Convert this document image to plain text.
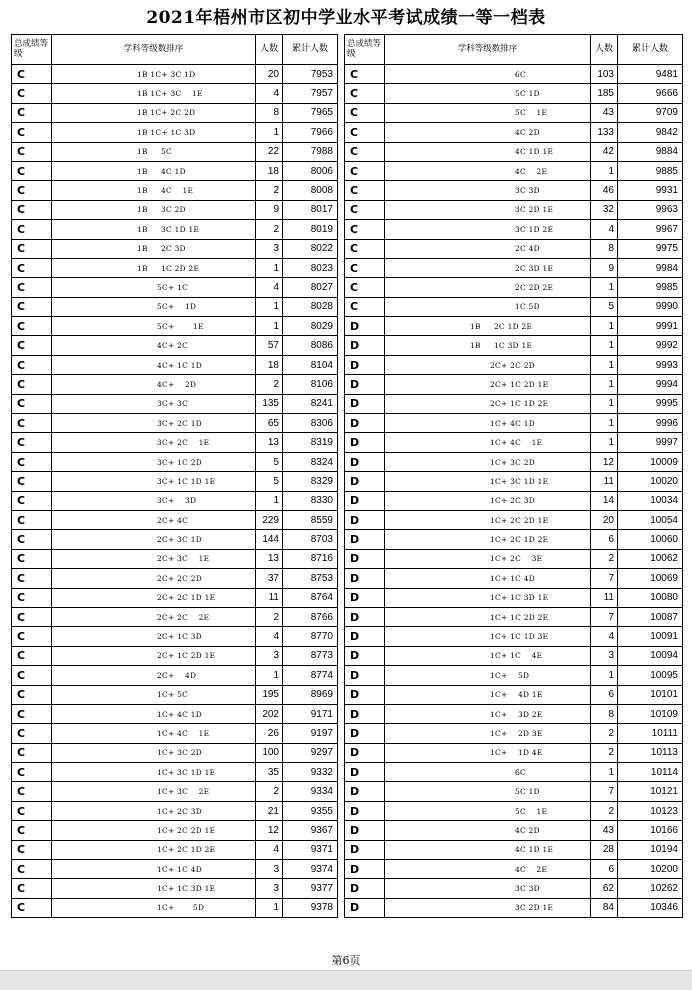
2021年梧州市区初中学业水平考试成绩一等一档表
总成绩等级	学科等级数排序	人数	累计人数
C	1B 1C+ 3C 1D	20	7953
C	1B 1C+ 3C    1E	4	7957
C	1B 1C+ 2C 2D	8	7965
C	1B 1C+ 1C 3D	1	7966
C	1B     5C	22	7988
C	1B     4C 1D	18	8006
C	1B     4C    1E	2	8008
C	1B     3C 2D	9	8017
C	1B     3C 1D 1E	2	8019
C	1B     2C 3D	3	8022
C	1B     1C 2D 2E	1	8023
C	5C+ 1C	4	8027
C	5C+    1D	1	8028
C	5C+       1E	1	8029
C	4C+ 2C	57	8086
C	4C+ 1C 1D	18	8104
C	4C+    2D	2	8106
C	3C+ 3C	135	8241
C	3C+ 2C 1D	65	8306
C	3C+ 2C    1E	13	8319
C	3C+ 1C 2D	5	8324
C	3C+ 1C 1D 1E	5	8329
C	3C+    3D	1	8330
C	2C+ 4C	229	8559
C	2C+ 3C 1D	144	8703
C	2C+ 3C    1E	13	8716
C	2C+ 2C 2D	37	8753
C	2C+ 2C 1D 1E	11	8764
C	2C+ 2C    2E	2	8766
C	2C+ 1C 3D	4	8770
C	2C+ 1C 2D 1E	3	8773
C	2C+    4D	1	8774
C	1C+ 5C	195	8969
C	1C+ 4C 1D	202	9171
C	1C+ 4C    1E	26	9197
C	1C+ 3C 2D	100	9297
C	1C+ 3C 1D 1E	35	9332
C	1C+ 3C    2E	2	9334
C	1C+ 2C 3D	21	9355
C	1C+ 2C 2D 1E	12	9367
C	1C+ 2C 1D 2E	4	9371
C	1C+ 1C 4D	3	9374
C	1C+ 1C 3D 1E	3	9377
C	1C+       5D	1	9378
总成绩等级	学科等级数排序	人数	累计人数
C	6C	103	9481
C	5C 1D	185	9666
C	5C    1E	43	9709
C	4C 2D	133	9842
C	4C 1D 1E	42	9884
C	4C    2E	1	9885
C	3C 3D	46	9931
C	3C 2D 1E	32	9963
C	3C 1D 2E	4	9967
C	2C 4D	8	9975
C	2C 3D 1E	9	9984
C	2C 2D 2E	1	9985
C	1C 5D	5	9990
D	1B     2C 1D 2E	1	9991
D	1B     1C 3D 1E	1	9992
D	2C+ 2C 2D	1	9993
D	2C+ 1C 2D 1E	1	9994
D	2C+ 1C 1D 2E	1	9995
D	1C+ 4C 1D	1	9996
D	1C+ 4C    1E	1	9997
D	1C+ 3C 2D	12	10009
D	1C+ 3C 1D 1E	11	10020
D	1C+ 2C 3D	14	10034
D	1C+ 2C 2D 1E	20	10054
D	1C+ 2C 1D 2E	6	10060
D	1C+ 2C    3E	2	10062
D	1C+ 1C 4D	7	10069
D	1C+ 1C 3D 1E	11	10080
D	1C+ 1C 2D 2E	7	10087
D	1C+ 1C 1D 3E	4	10091
D	1C+ 1C    4E	3	10094
D	1C+    5D	1	10095
D	1C+    4D 1E	6	10101
D	1C+    3D 2E	8	10109
D	1C+    2D 3E	2	10111
D	1C+    1D 4E	2	10113
D	6C	1	10114
D	5C 1D	7	10121
D	5C    1E	2	10123
D	4C 2D	43	10166
D	4C 1D 1E	28	10194
D	4C    2E	6	10200
D	3C 3D	62	10262
D	3C 2D 1E	84	10346
第6页
